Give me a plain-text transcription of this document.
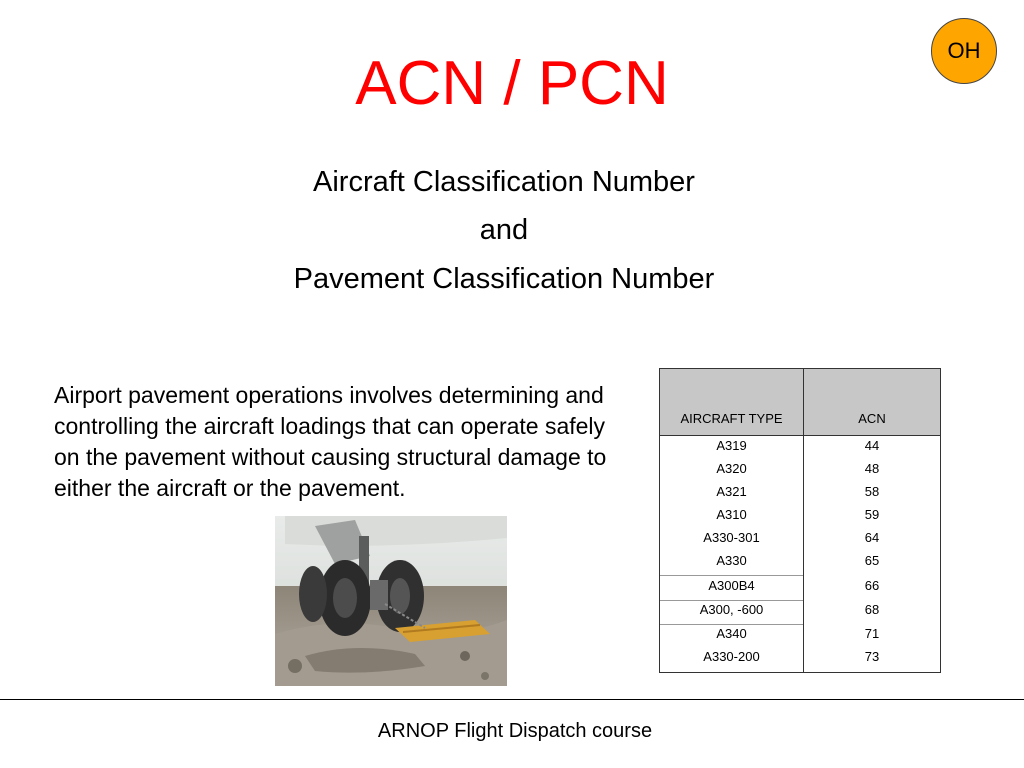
ACN / PCN	OH
Aircraft Classification Number
and
Pavement Classification Number
Airport pavement operations involves determining and controlling the aircraft loadings that can operate safely on the pavement without causing structural damage to either the aircraft or the pavement.
AIRCRAFT TYPE	ACN
A319	44
A320	48
A321	58
A310	59
A330-301	64
A330	65
A300B4	66
A300, -600	68
A340	71
A330-200	73
ARNOP Flight Dispatch course
